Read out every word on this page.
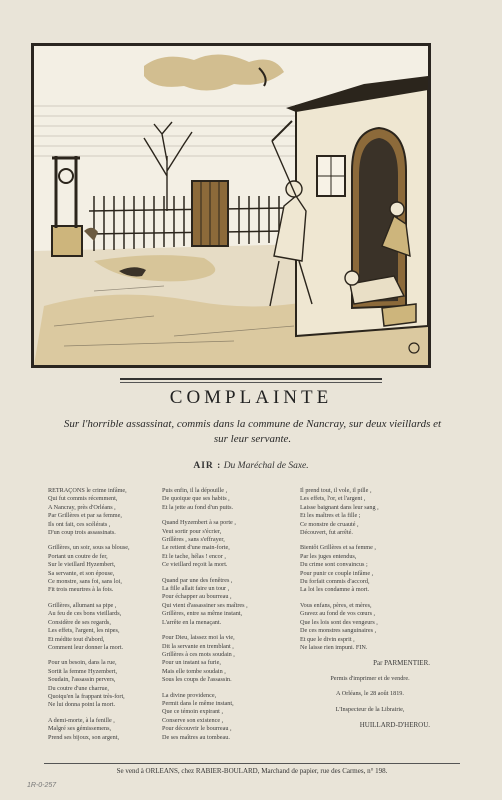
COMPLAINTE
Sur l'horrible assassinat, commis dans la commune de Nancray, sur deux vieillards et sur leur servante.
AIR : Du Maréchal de Saxe.

RETRAÇONS le crime infâme,

Qui fut commis récemment,

A Nancray, près d'Orléans ,

Par Grillères et par sa femme,

Ils ont fait, ces scélérats ,

D'un coup trois assassinats.

Grillères, un soir, sous sa blouse,

Portant un coutre de fer,

Sur le vieillard Hyzembert,

Sa servante, et son épouse,

Ce monstre, sans foi, sans loi,

Fit trois meurtres à la fois.

Grillères, allumant sa pipe ,

Au feu de ces bons vieillards,

Considère de ses regards,

Les effets, l'argent, les nipes,

Et médite tout d'abord,

Comment leur donner la mort.

Pour un besoin, dans la rue,

Sortit la femme Hyzembert,

Soudain, l'assassin pervers,

Du coutre d'une charrue,

Quoiqu'en la frappant très-fort,

Ne lui donna point la mort.

A demi-morte, à la fenille ,

Malgré ses gémissemens,

Prend ses bijoux, son argent,

Puis enfin, il la dépouille ,

De quoique que ses habits ,

Et la jette au fond d'un puits.

Quand Hyzembert à sa porte ,

Veut sortir pour s'écrier,

Grillères , sans s'effrayer,

Le retient d'une main-forte,

Et le tache, hélas ! encor ,

Ce vieillard reçoit la mort.

Quand par une des fenêtres ,

La fille allait faire un tour ,

Pour échapper au bourreau ,

Qui vient d'assassiner ses maîtres ,

Grillères, entre sa même instant,

L'arrête en la menaçant.

Pour Dieu, laissez moi la vie,

Dit la servante en tremblant ,

Grillères à ces mots soudain ,

Pour un instant sa furie,

Mais elle tombe soudain ,

Sous les coups de l'assassin.

La divine providence,

Permit dans le même instant,

Que ce témoin expirant ,

Conserve son existence ,

Pour découvrir le bourreau ,

De ses maîtres au tombeau.

Il prend tout, il vole, il pille ,

Les effets, l'or, et l'argent ,

Laisse baignant dans leur sang ,

Et les maîtres et la fille ;

Ce monstre de cruauté ,

Découvert, fut arrêté.

Bientôt Grillères et sa femme ,

Par les juges entendus,

Du crime sont convaincus ;

Pour punir ce couple infâme ,

Du forfait commis d'accord,

La loi les condamne à mort.

Vous enfans, pères, et mères,

Gravez au fond de vos cœurs ,

Que les lois sont des vengeurs ,

De ces monstres sanguinaires ,

Et que le divin esprit ,

Ne laisse rien impuni. FIN.

Par PARMENTIER.

Permis d'imprimer et de vendre.

A Orléans, le 28 août 1819.

L'Inspecteur de la Librairie,

HUILLARD-D'HEROU.

Se vend à ORLEANS, chez RABIER-BOULARD, Marchand de papier, rue des Carmes, n° 198.
1R-0-257
